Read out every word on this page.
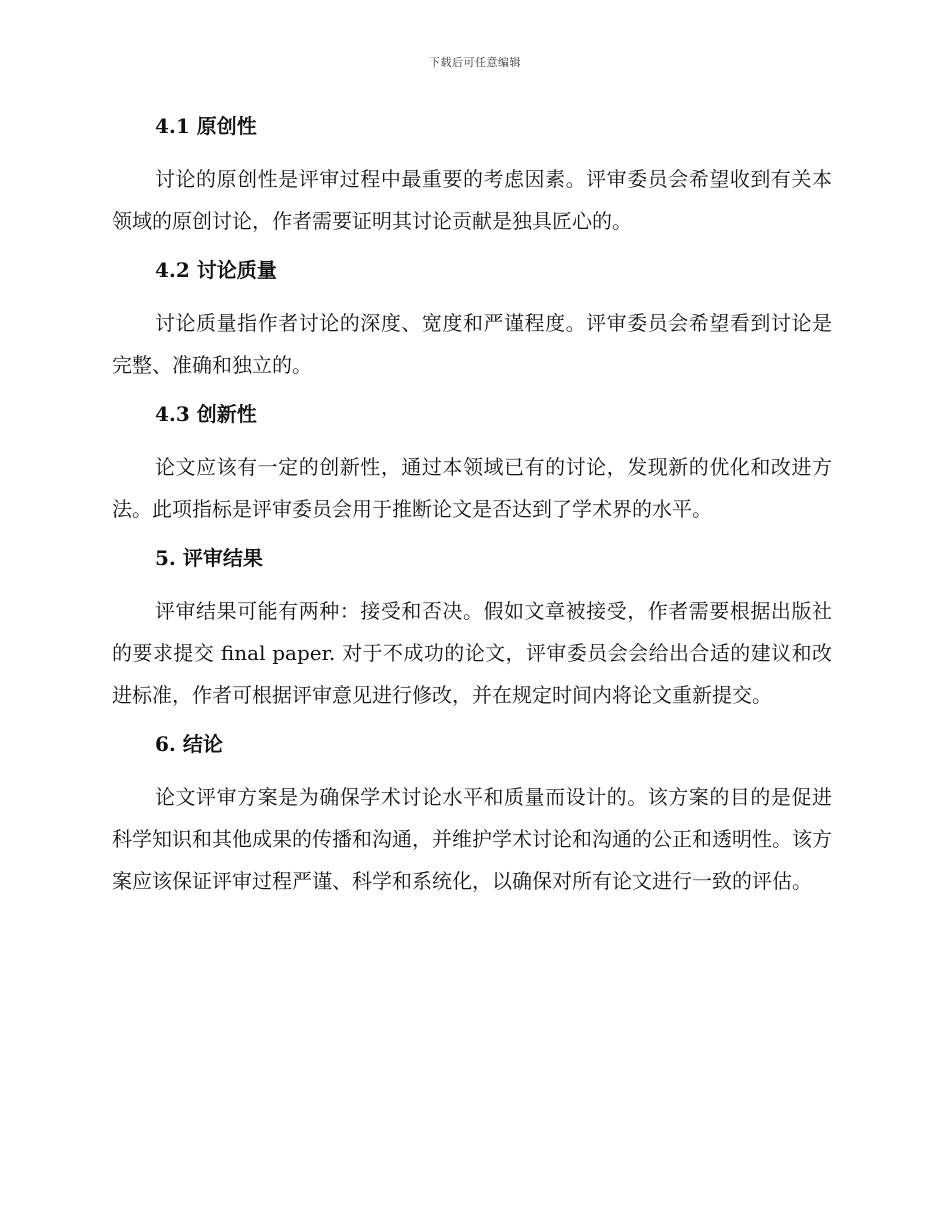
下载后可任意编辑
4.1 原创性

讨论的原创性是评审过程中最重要的考虑因素。评审委员会希望收到有关本领域的原创讨论，作者需要证明其讨论贡献是独具匠心的。

4.2 讨论质量

讨论质量指作者讨论的深度、宽度和严谨程度。评审委员会希望看到讨论是完整、准确和独立的。

4.3 创新性

论文应该有一定的创新性，通过本领域已有的讨论，发现新的优化和改进方法。此项指标是评审委员会用于推断论文是否达到了学术界的水平。

5. 评审结果

评审结果可能有两种：接受和否决。假如文章被接受，作者需要根据出版社的要求提交 final paper. 对于不成功的论文，评审委员会会给出合适的建议和改进标准，作者可根据评审意见进行修改，并在规定时间内将论文重新提交。

6. 结论

论文评审方案是为确保学术讨论水平和质量而设计的。该方案的目的是促进科学知识和其他成果的传播和沟通，并维护学术讨论和沟通的公正和透明性。该方案应该保证评审过程严谨、科学和系统化，以确保对所有论文进行一致的评估。
